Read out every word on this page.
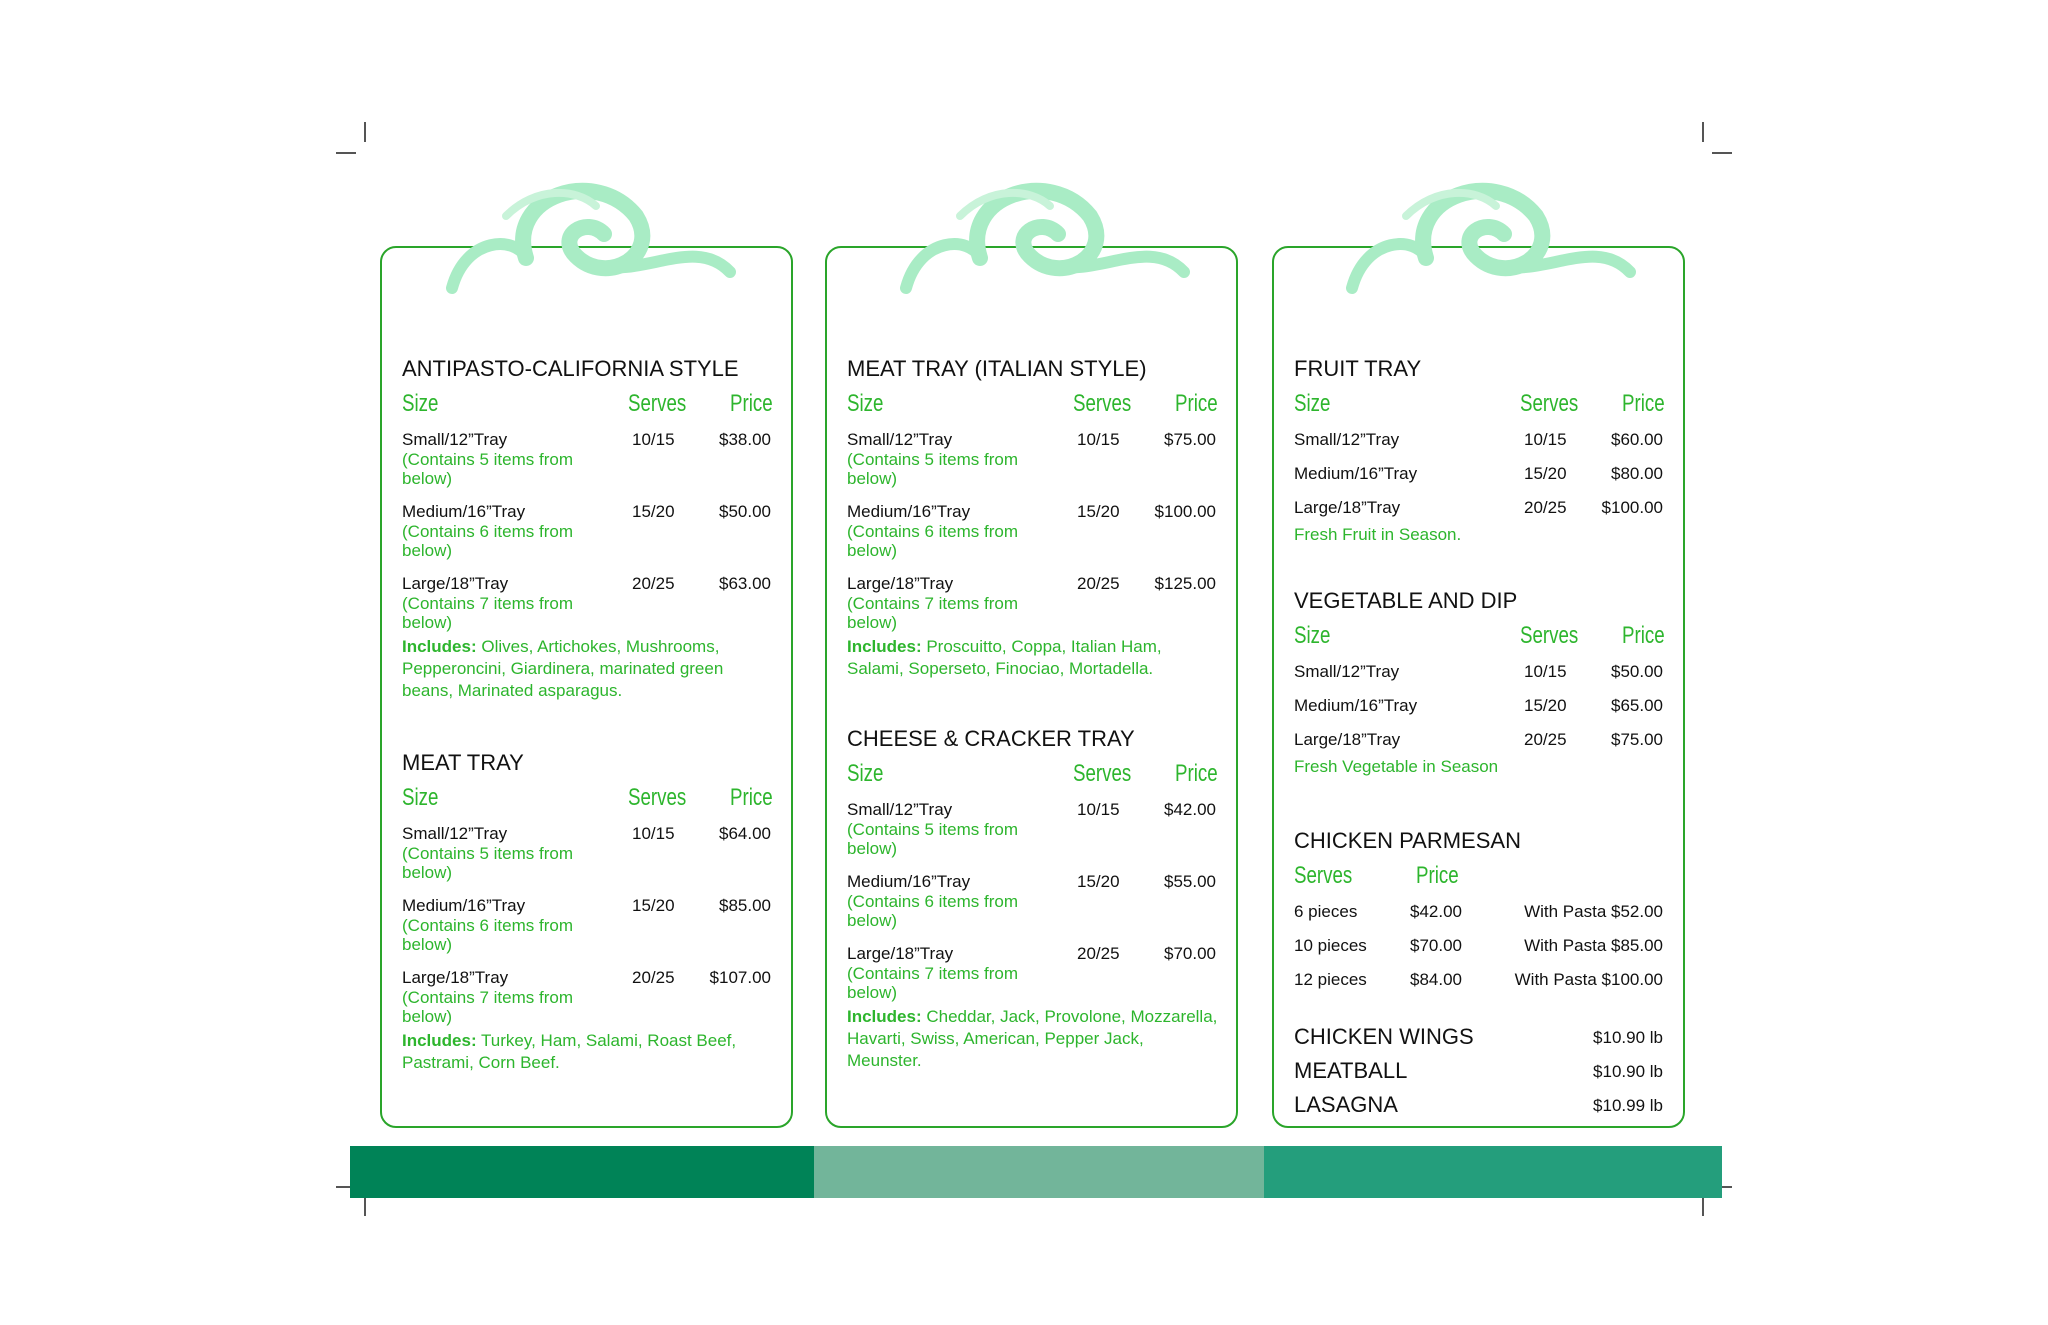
ANTIPASTO-CALIFORNIA STYLE
Size	Serves Price
Small/12”Tray
(Contains 5 items from below)
10/15	$38.00
Medium/16”Tray
(Contains 6 items from below)
15/20	$50.00
Large/18”Tray
(Contains 7 items from below)
20/25	$63.00
Includes: Olives, Artichokes, Mushrooms, Pepperoncini, Giardinera, marinated green beans, Marinated asparagus.
MEAT TRAY
Size	Serves Price
Small/12”Tray
(Contains 5 items from below)
10/15	$64.00
Medium/16”Tray
(Contains 6 items from below)
15/20	$85.00
Large/18”Tray
(Contains 7 items from below)
20/25 $107.00
Includes: Turkey, Ham, Salami, Roast Beef, Pastrami, Corn Beef.
MEAT TRAY (ITALIAN STYLE)
Size	Serves Price
Small/12”Tray
(Contains 5 items from below)
10/15	$75.00
Medium/16”Tray
(Contains 6 items from below)
15/20 $100.00
Large/18”Tray
(Contains 7 items from below)
20/25 $125.00
Includes: Proscuitto, Coppa, Italian Ham, Salami, Soperseto, Finociao, Mortadella.
CHEESE & CRACKER TRAY
Size	Serves Price
Small/12”Tray
(Contains 5 items from below)
10/15	$42.00
Medium/16”Tray
(Contains 6 items from below)
15/20	$55.00
Large/18”Tray
(Contains 7 items from below)
20/25	$70.00
Includes: Cheddar, Jack, Provolone, Mozzarella, Havarti, Swiss, American, Pepper Jack, Meunster.
FRUIT TRAY
Size	Serves Price
Small/12”Tray	10/15	$60.00
Medium/16”Tray	15/20	$80.00
Large/18”Tray	20/25 $100.00
Fresh Fruit in Season.
VEGETABLE AND DIP
Size	Serves Price
Small/12”Tray	10/15	$50.00
Medium/16”Tray	15/20	$65.00
Large/18”Tray	20/25	$75.00
Fresh Vegetable in Season
CHICKEN PARMESAN
Serves	Price
6 pieces	$42.00	With Pasta $52.00
10 pieces	$70.00	With Pasta $85.00
12 pieces	$84.00	With Pasta $100.00
CHICKEN WINGS	$10.90 lb
MEATBALL	$10.90 lb
LASAGNA	$10.99 lb
